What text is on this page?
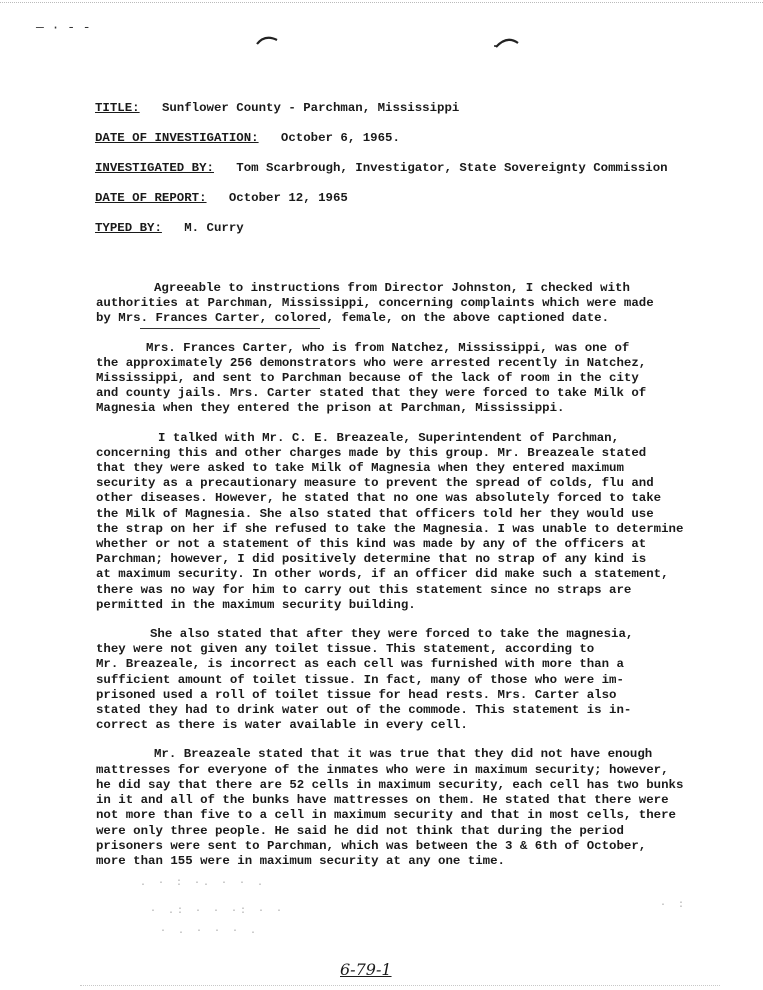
— · - -
TITLE: Sunflower County - Parchman, Mississippi
DATE OF INVESTIGATION: October 6, 1965.
INVESTIGATED BY: Tom Scarbrough, Investigator, State Sovereignty Commission
DATE OF REPORT: October 12, 1965
TYPED BY: M. Curry
Agreeable to instructions from Director Johnston, I checked with
authorities at Parchman, Mississippi, concerning complaints which were made
by Mrs. Frances Carter, colored, female, on the above captioned date.
Mrs. Frances Carter, who is from Natchez, Mississippi, was one of
the approximately 256 demonstrators who were arrested recently in Natchez,
Mississippi, and sent to Parchman because of the lack of room in the city
and county jails. Mrs. Carter stated that they were forced to take Milk of
Magnesia when they entered the prison at Parchman, Mississippi.
I talked with Mr. C. E. Breazeale, Superintendent of Parchman,
concerning this and other charges made by this group. Mr. Breazeale stated
that they were asked to take Milk of Magnesia when they entered maximum
security as a precautionary measure to prevent the spread of colds, flu and
other diseases. However, he stated that no one was absolutely forced to take
the Milk of Magnesia. She also stated that officers told her they would use
the strap on her if she refused to take the Magnesia. I was unable to determine
whether or not a statement of this kind was made by any of the officers at
Parchman; however, I did positively determine that no strap of any kind is
at maximum security. In other words, if an officer did make such a statement,
there was no way for him to carry out this statement since no straps are
permitted in the maximum security building.
She also stated that after they were forced to take the magnesia,
they were not given any toilet tissue. This statement, according to
Mr. Breazeale, is incorrect as each cell was furnished with more than a
sufficient amount of toilet tissue. In fact, many of those who were im-
prisoned used a roll of toilet tissue for head rests. Mrs. Carter also
stated they had to drink water out of the commode. This statement is in-
correct as there is water available in every cell.
Mr. Breazeale stated that it was true that they did not have enough
mattresses for everyone of the inmates who were in maximum security; however,
he did say that there are 52 cells in maximum security, each cell has two bunks
in it and all of the bunks have mattresses on them. He stated that there were
not more than five to a cell in maximum security and that in most cells, there
were only three people. He said he did not think that during the period
prisoners were sent to Parchman, which was between the 3 & 6th of October,
more than 155 were in maximum security at any one time.
. · : ·. · · .
· .: · · ·: · ·
· . · · · .
· :
6-79-1
